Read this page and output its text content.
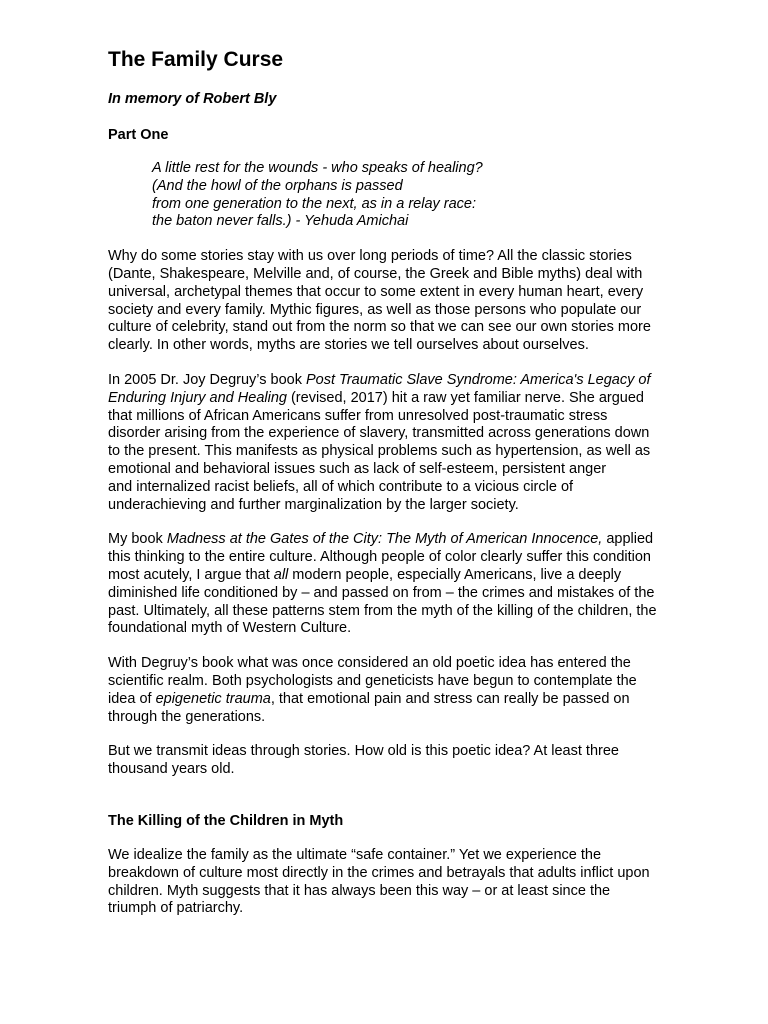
The Family Curse
In memory of Robert Bly
Part One
A little rest for the wounds - who speaks of healing?
(And the howl of the orphans is passed
from one generation to the next, as in a relay race:
the baton never falls.) - Yehuda Amichai
Why do some stories stay with us over long periods of time? All the classic stories
(Dante, Shakespeare, Melville and, of course, the Greek and Bible myths) deal with
universal, archetypal themes that occur to some extent in every human heart, every
society and every family. Mythic figures, as well as those persons who populate our
culture of celebrity, stand out from the norm so that we can see our own stories more
clearly. In other words, myths are stories we tell ourselves about ourselves.
In 2005 Dr. Joy Degruy’s book Post Traumatic Slave Syndrome: America's Legacy of
Enduring Injury and Healing (revised, 2017) hit a raw yet familiar nerve. She argued
that millions of African Americans suffer from unresolved post-traumatic stress
disorder arising from the experience of slavery, transmitted across generations down
to the present. This manifests as physical problems such as hypertension, as well as
emotional and behavioral issues such as lack of self-esteem, persistent anger
and internalized racist beliefs, all of which contribute to a vicious circle of
underachieving and further marginalization by the larger society.
My book Madness at the Gates of the City: The Myth of American Innocence, applied
this thinking to the entire culture. Although people of color clearly suffer this condition
most acutely, I argue that all modern people, especially Americans, live a deeply
diminished life conditioned by – and passed on from – the crimes and mistakes of the
past. Ultimately, all these patterns stem from the myth of the killing of the children, the
foundational myth of Western Culture.
With Degruy’s book what was once considered an old poetic idea has entered the
scientific realm. Both psychologists and geneticists have begun to contemplate the
idea of epigenetic trauma, that emotional pain and stress can really be passed on
through the generations.
But we transmit ideas through stories. How old is this poetic idea? At least three
thousand years old.
The Killing of the Children in Myth
We idealize the family as the ultimate “safe container.” Yet we experience the
breakdown of culture most directly in the crimes and betrayals that adults inflict upon
children. Myth suggests that it has always been this way – or at least since the
triumph of patriarchy.
